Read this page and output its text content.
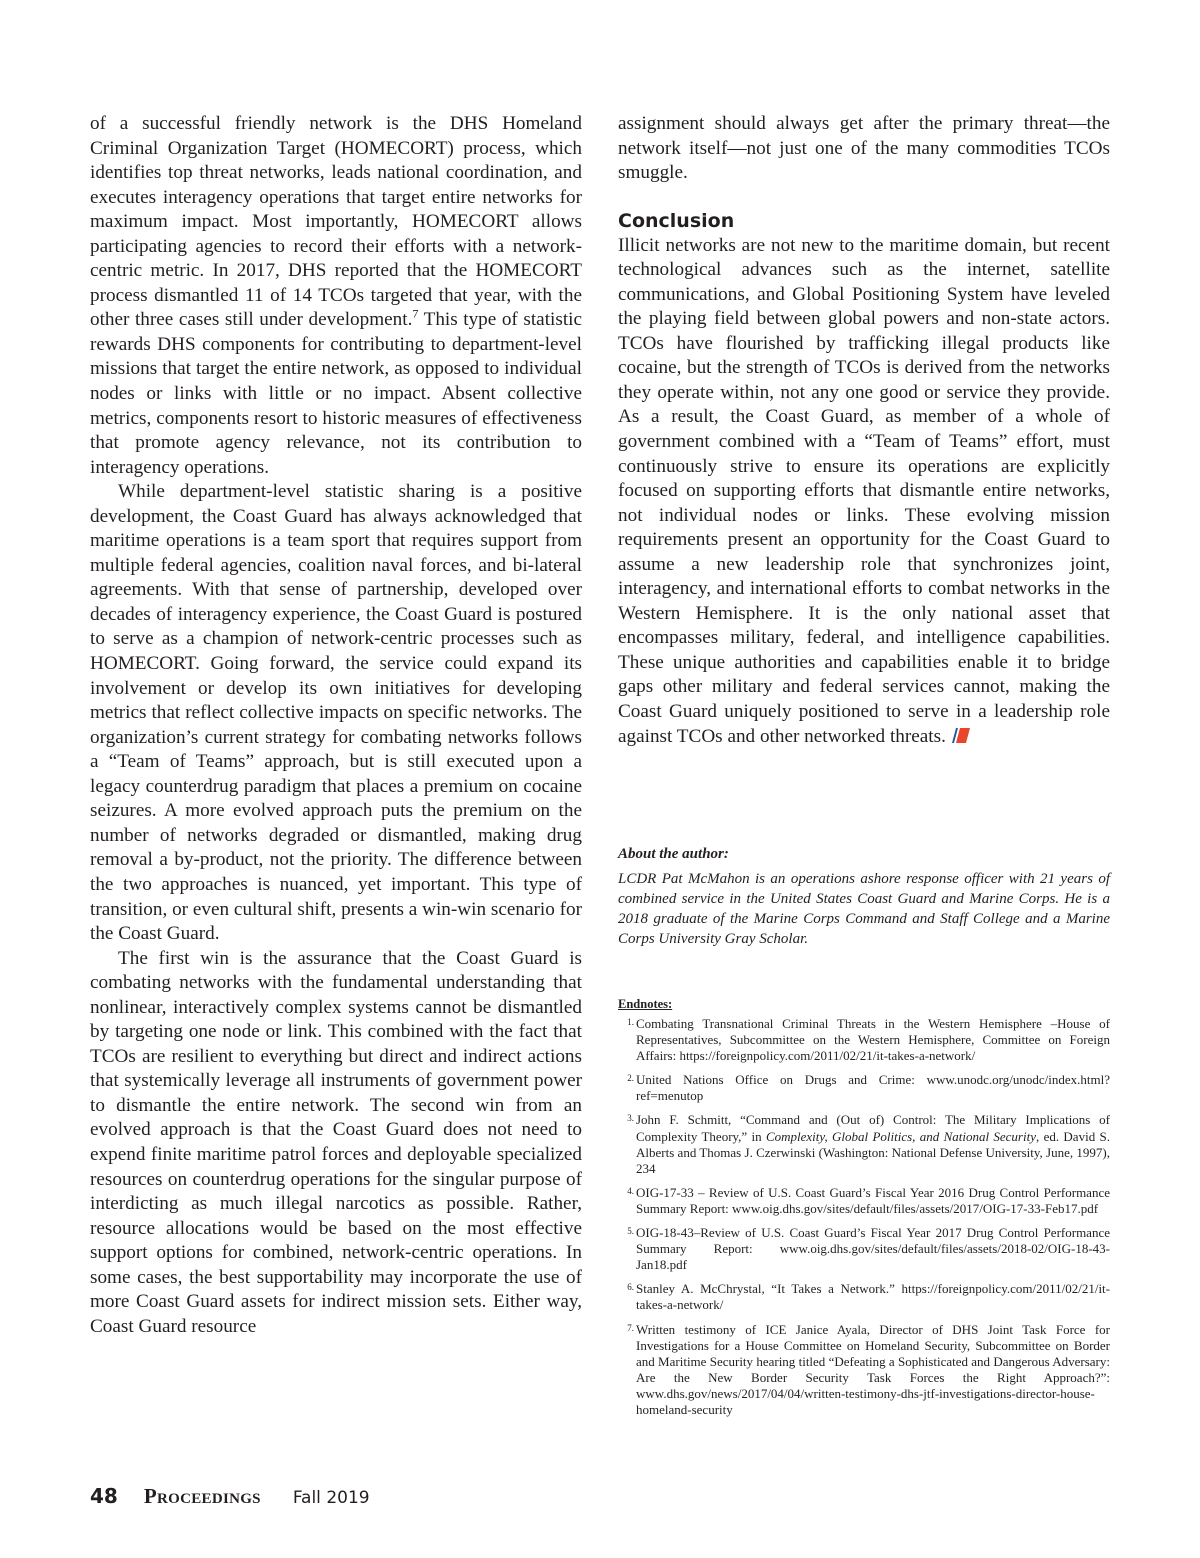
of a successful friendly network is the DHS Homeland Criminal Organization Target (HOMECORT) process, which identifies top threat networks, leads national coordination, and executes interagency operations that target entire networks for maximum impact. Most importantly, HOMECORT allows participating agencies to record their efforts with a network-centric metric. In 2017, DHS reported that the HOMECORT process dismantled 11 of 14 TCOs targeted that year, with the other three cases still under development.$^7$ This type of statistic rewards DHS components for contributing to department-level missions that target the entire network, as opposed to individual nodes or links with little or no impact. Absent collective metrics, components resort to historic measures of effectiveness that promote agency relevance, not its contribution to interagency operations.

While department-level statistic sharing is a positive development, the Coast Guard has always acknowledged that maritime operations is a team sport that requires support from multiple federal agencies, coalition naval forces, and bi-lateral agreements. With that sense of partnership, developed over decades of interagency experience, the Coast Guard is postured to serve as a champion of network-centric processes such as HOMECORT. Going forward, the service could expand its involvement or develop its own initiatives for developing metrics that reflect collective impacts on specific networks. The organization’s current strategy for combating networks follows a “Team of Teams” approach, but is still executed upon a legacy counterdrug paradigm that places a premium on cocaine seizures. A more evolved approach puts the premium on the number of networks degraded or dismantled, making drug removal a by-product, not the priority. The difference between the two approaches is nuanced, yet important. This type of transition, or even cultural shift, presents a win-win scenario for the Coast Guard.

The first win is the assurance that the Coast Guard is combating networks with the fundamental understanding that nonlinear, interactively complex systems cannot be dismantled by targeting one node or link. This combined with the fact that TCOs are resilient to everything but direct and indirect actions that systemically leverage all instruments of government power to dismantle the entire network. The second win from an evolved approach is that the Coast Guard does not need to expend finite maritime patrol forces and deployable specialized resources on counterdrug operations for the singular purpose of interdicting as much illegal narcotics as possible. Rather, resource allocations would be based on the most effective support options for combined, network-centric operations. In some cases, the best supportability may incorporate the use of more Coast Guard assets for indirect mission sets. Either way, Coast Guard resource

assignment should always get after the primary threat—the network itself—not just one of the many commodities TCOs smuggle.

Conclusion

Illicit networks are not new to the maritime domain, but recent technological advances such as the internet, satellite communications, and Global Positioning System have leveled the playing field between global powers and non-state actors. TCOs have flourished by trafficking illegal products like cocaine, but the strength of TCOs is derived from the networks they operate within, not any one good or service they provide. As a result, the Coast Guard, as member of a whole of government combined with a “Team of Teams” effort, must continuously strive to ensure its operations are explicitly focused on supporting efforts that dismantle entire networks, not individual nodes or links. These evolving mission requirements present an opportunity for the Coast Guard to assume a new leadership role that synchronizes joint, interagency, and international efforts to combat networks in the Western Hemisphere. It is the only national asset that encompasses military, federal, and intelligence capabilities. These unique authorities and capabilities enable it to bridge gaps other military and federal services cannot, making the Coast Guard uniquely positioned to serve in a leadership role against TCOs and other networked threats.

About the author:

LCDR Pat McMahon is an operations ashore response officer with 21 years of combined service in the United States Coast Guard and Marine Corps. He is a 2018 graduate of the Marine Corps Command and Staff College and a Marine Corps University Gray Scholar.

Endnotes:

1. Combating Transnational Criminal Threats in the Western Hemisphere –House of Representatives, Subcommittee on the Western Hemisphere, Committee on Foreign Affairs: https://foreignpolicy.com/2011/02/21/it-takes-a-network/
2. United Nations Office on Drugs and Crime: www.unodc.org/unodc/index.html?ref=menutop
3. John F. Schmitt, “Command and (Out of) Control: The Military Implications of Complexity Theory,” in Complexity, Global Politics, and National Security, ed. David S. Alberts and Thomas J. Czerwinski (Washington: National Defense University, June, 1997), 234
4. OIG-17-33 – Review of U.S. Coast Guard’s Fiscal Year 2016 Drug Control Performance Summary Report: www.oig.dhs.gov/sites/default/files/assets/2017/OIG-17-33-Feb17.pdf
5. OIG-18-43–Review of U.S. Coast Guard’s Fiscal Year 2017 Drug Control Performance Summary Report: www.oig.dhs.gov/sites/default/files/assets/2018-02/OIG-18-43-Jan18.pdf
6. Stanley A. McChrystal, “It Takes a Network.” https://foreignpolicy.com/2011/02/21/it-takes-a-network/
7. Written testimony of ICE Janice Ayala, Director of DHS Joint Task Force for Investigations for a House Committee on Homeland Security, Subcommittee on Border and Maritime Security hearing titled “Defeating a Sophisticated and Dangerous Adversary: Are the New Border Security Task Forces the Right Approach?”: www.dhs.gov/news/2017/04/04/written-testimony-dhs-jtf-investigations-director-house-homeland-security
48 Proceedings Fall 2019
